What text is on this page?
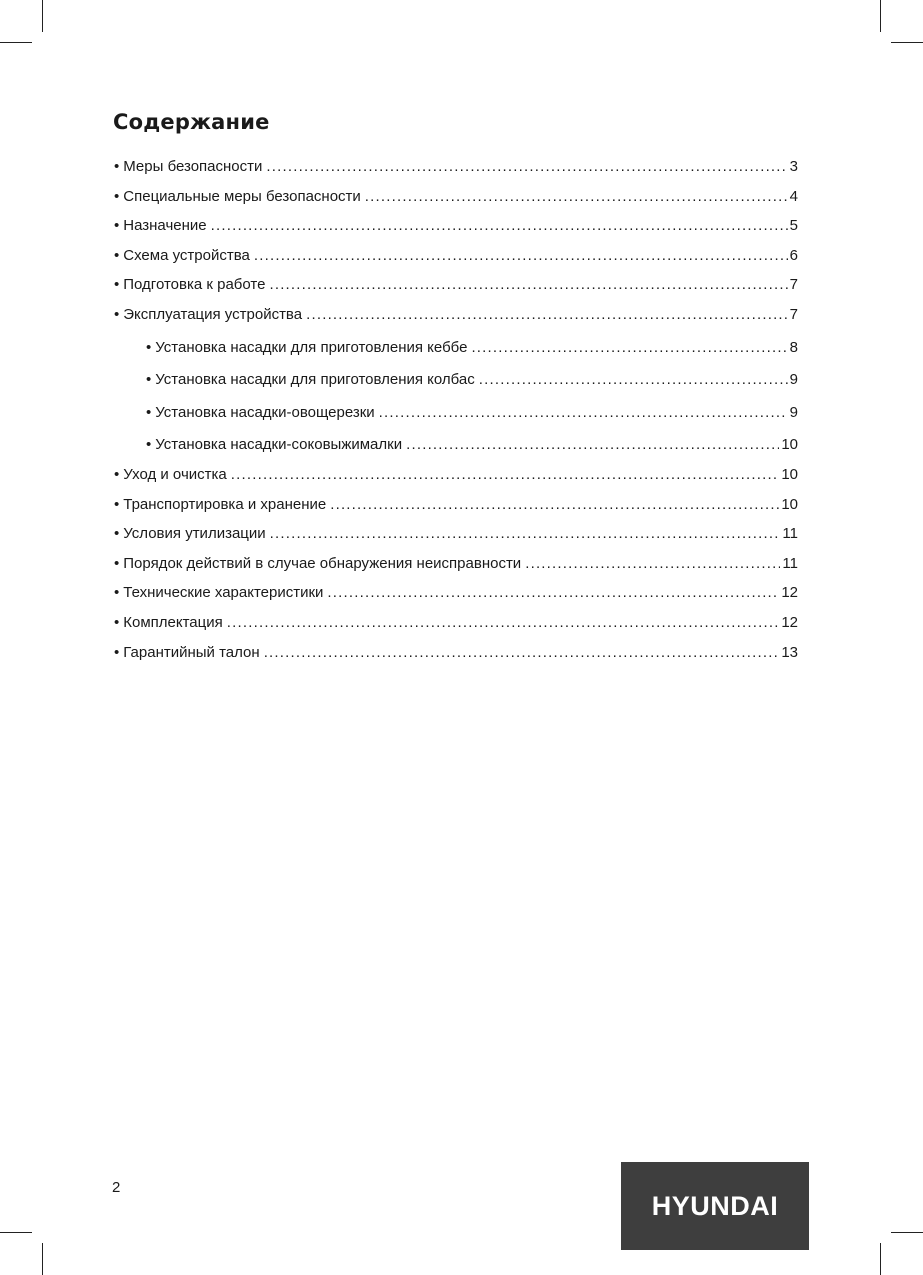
Содержание
• Меры безопасности .....	3
• Специальные меры безопасности .....	4
• Назначение .....	5
• Схема устройства .....	6
• Подготовка к работе .....	7
• Эксплуатация устройства .....	7
• Установка насадки для приготовления кеббе .....	8
• Установка насадки для приготовления колбас .....	9
• Установка насадки-овощерезки .....	9
• Установка насадки-соковыжималки .....	10
• Уход и очистка .....	10
• Транспортировка и хранение .....	10
• Условия утилизации .....	11
• Порядок действий в случае обнаружения неисправности .....	11
• Технические характеристики .....	12
• Комплектация .....	12
• Гарантийный талон .....	13
2
HYUNDAI
